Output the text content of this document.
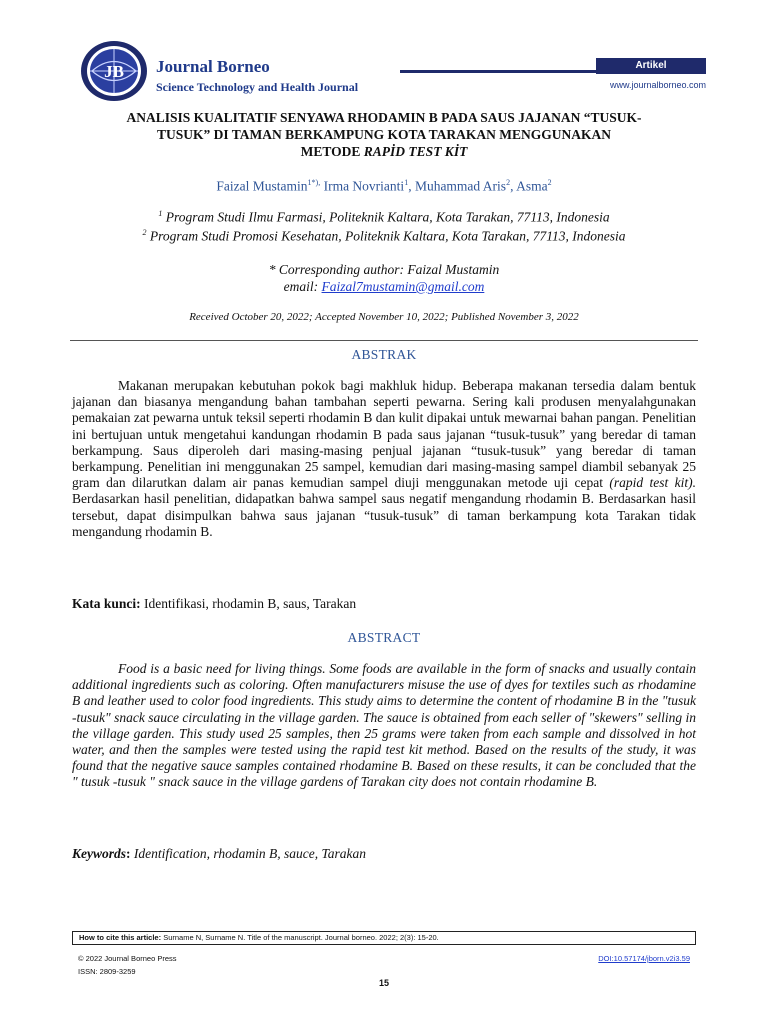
JB Journal Borneo
Science Technology and Health Journal
Artikel
www.journalborneo.com
ANALISIS KUALITATIF SENYAWA RHODAMIN B PADA SAUS JAJANAN “TUSUK-
TUSUK” DI TAMAN BERKAMPUNG KOTA TARAKAN MENGGUNAKAN
METODE RAPİD TEST KİT
Faizal Mustamin$^{1*),}$ Irma Novrianti$^1$, Muhammad Aris$^2$, Asma$^2$
$^1$ Program Studi Ilmu Farmasi, Politeknik Kaltara, Kota Tarakan, 77113, Indonesia
$^2$ Program Studi Promosi Kesehatan, Politeknik Kaltara, Kota Tarakan, 77113, Indonesia
* Corresponding author: Faizal Mustamin
email: Faizal7mustamin@gmail.com
Received October 20, 2022; Accepted November 10, 2022; Published November 3, 2022
ABSTRAK
Makanan merupakan kebutuhan pokok bagi makhluk hidup. Beberapa makanan tersedia dalam bentuk jajanan dan biasanya mengandung bahan tambahan seperti pewarna. Sering kali produsen menyalahgunakan pemakaian zat pewarna untuk teksil seperti rhodamin B dan kulit dipakai untuk mewarnai bahan pangan. Penelitian ini bertujuan untuk mengetahui kandungan rhodamin B pada saus jajanan “tusuk-tusuk” yang beredar di taman berkampung. Saus diperoleh dari masing-masing penjual jajanan “tusuk-tusuk” yang beredar di taman berkampung. Penelitian ini menggunakan 25 sampel, kemudian dari masing-masing sampel diambil sebanyak 25 gram dan dilarutkan dalam air panas kemudian sampel diuji menggunakan metode uji cepat (rapid test kit). Berdasarkan hasil penelitian, didapatkan bahwa sampel saus negatif mengandung rhodamin B. Berdasarkan hasil tersebut, dapat disimpulkan bahwa saus jajanan “tusuk-tusuk” di taman berkampung kota Tarakan tidak mengandung rhodamin B.
Kata kunci: Identifikasi, rhodamin B, saus, Tarakan
ABSTRACT
Food is a basic need for living things. Some foods are available in the form of snacks and usually contain additional ingredients such as coloring. Often manufacturers misuse the use of dyes for textiles such as rhodamine B and leather used to color food ingredients. This study aims to determine the content of rhodamine B in the "tusuk -tusuk" snack sauce circulating in the village garden. The sauce is obtained from each seller of "skewers" selling in the village garden. This study used 25 samples, then 25 grams were taken from each sample and dissolved in hot water, and then the samples were tested using the rapid test kit method. Based on the results of the study, it was found that the negative sauce samples contained rhodamine B. Based on these results, it can be concluded that the " tusuk -tusuk " snack sauce in the village gardens of Tarakan city does not contain rhodamine B.
Keywords: Identification, rhodamin B, sauce, Tarakan
How to cite this article: Surname N, Surname N. Title of the manuscript. Journal borneo. 2022; 2(3): 15-20.
© 2022 Journal Borneo Press
ISSN: 2809-3259
DOI:10.57174/jborn.v2i3.59
15
